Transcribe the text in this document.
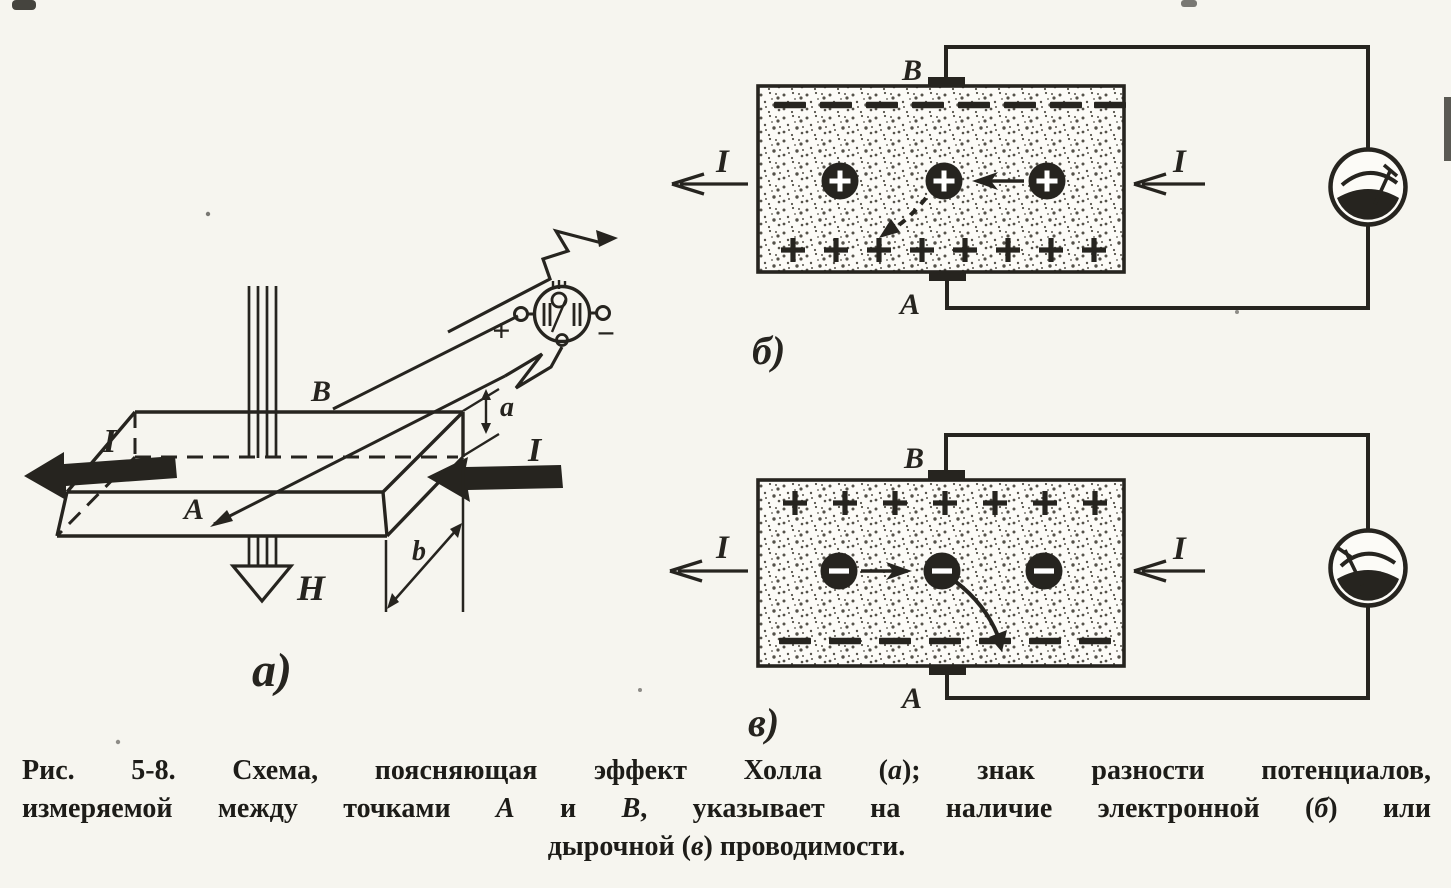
H
I	I
B
A
+	−
a
b
а)
B
A
I	I
б)
B
A
I	I
в)
Рис. 5-8. Схема, поясняющая эффект Холла (а); знак разности потенциалов,
измеряемой между точками А и В, указывает на наличие электронной (б) или
дырочной (в) проводимости.
